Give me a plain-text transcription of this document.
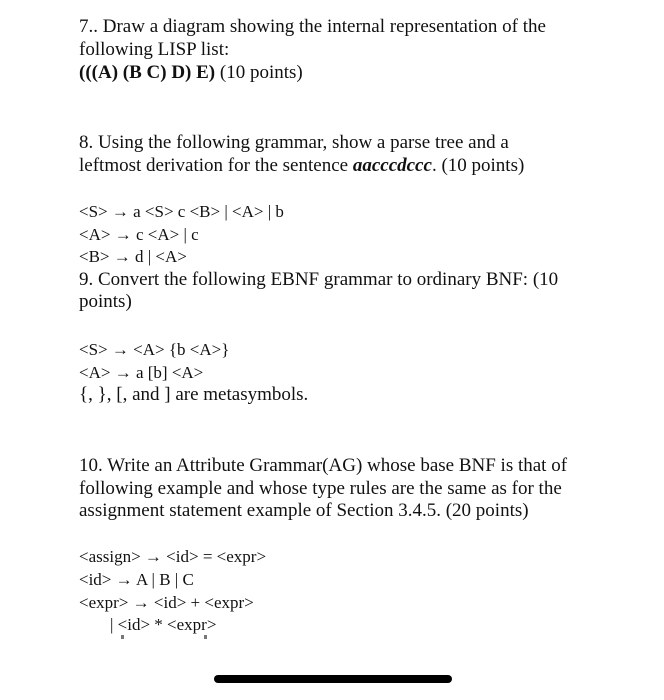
7.. Draw a diagram showing the internal representation of the
following LISP list:
(((A) (B C) D) E) (10 points)
8. Using the following grammar, show a parse tree and a
leftmost derivation for the sentence aacccdccc. (10 points)
<S> → a <S> c <B> | <A> | b
<A> → c <A> | c
<B> → d | <A>
9. Convert the following EBNF grammar to ordinary BNF: (10
points)
<S> → <A> {b <A>}
<A> → a [b] <A>
{, }, [, and ] are metasymbols.
10. Write an Attribute Grammar(AG) whose base BNF is that of
following example and whose type rules are the same as for the
assignment statement example of Section 3.4.5. (20 points)
<assign> → <id> = <expr>
<id> → A | B | C
<expr> → <id> + <expr>
| <id> * <expr>
